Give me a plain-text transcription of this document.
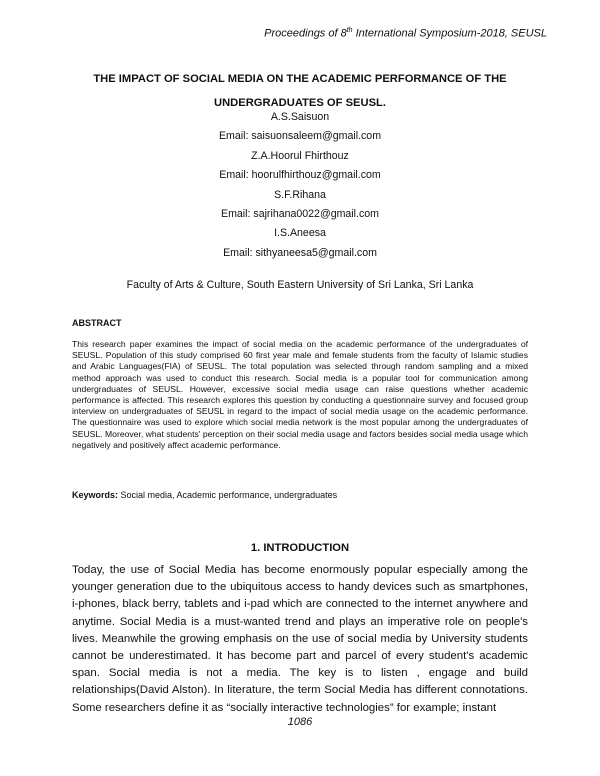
Proceedings of 8th International Symposium-2018, SEUSL
THE IMPACT OF SOCIAL MEDIA ON THE ACADEMIC PERFORMANCE OF THE
UNDERGRADUATES OF SEUSL.
A.S.Saisuon
Email: saisuonsaleem@gmail.com
Z.A.Hoorul Fhirthouz
Email: hoorulfhirthouz@gmail.com
S.F.Rihana
Email: sajrihana0022@gmail.com
I.S.Aneesa
Email: sithyaneesa5@gmail.com
Faculty of Arts & Culture, South Eastern University of Sri Lanka, Sri Lanka
ABSTRACT

This research paper examines the impact of social media on the academic performance of the undergraduates of SEUSL. Population of this study comprised 60 first year male and female students from the faculty of Islamic studies and Arabic Languages(FIA) of SEUSL. The total population was selected through random sampling and a mixed method approach was used to conduct this research. Social media is a popular tool for communication among undergraduates of SEUSL. However, excessive social media usage can raise questions whether academic performance is affected. This research explores this question by conducting a questionnaire survey and focused group interview on undergraduates of SEUSL in regard to the impact of social media usage on the academic performance. The questionnaire was used to explore which social media network is the most popular among the undergraduates of SEUSL. Moreover, what students' perception on their social media usage and factors besides social media usage which negatively and positively affect academic performance.

Keywords: Social media, Academic performance, undergraduates
1. INTRODUCTION

Today, the use of Social Media has become enormously popular especially among the younger generation due to the ubiquitous access to handy devices such as smartphones, i-phones, black berry, tablets and i-pad which are connected to the internet anywhere and anytime. Social Media is a must-wanted trend and plays an imperative role on people's lives. Meanwhile the growing emphasis on the use of social media by University students cannot be underestimated. It has become part and parcel of every student's academic span. Social media is not a media. The key is to listen , engage and build relationships(David Alston). In literature, the term Social Media has different connotations. Some researchers define it as “socially interactive technologies” for example; instant

1086
